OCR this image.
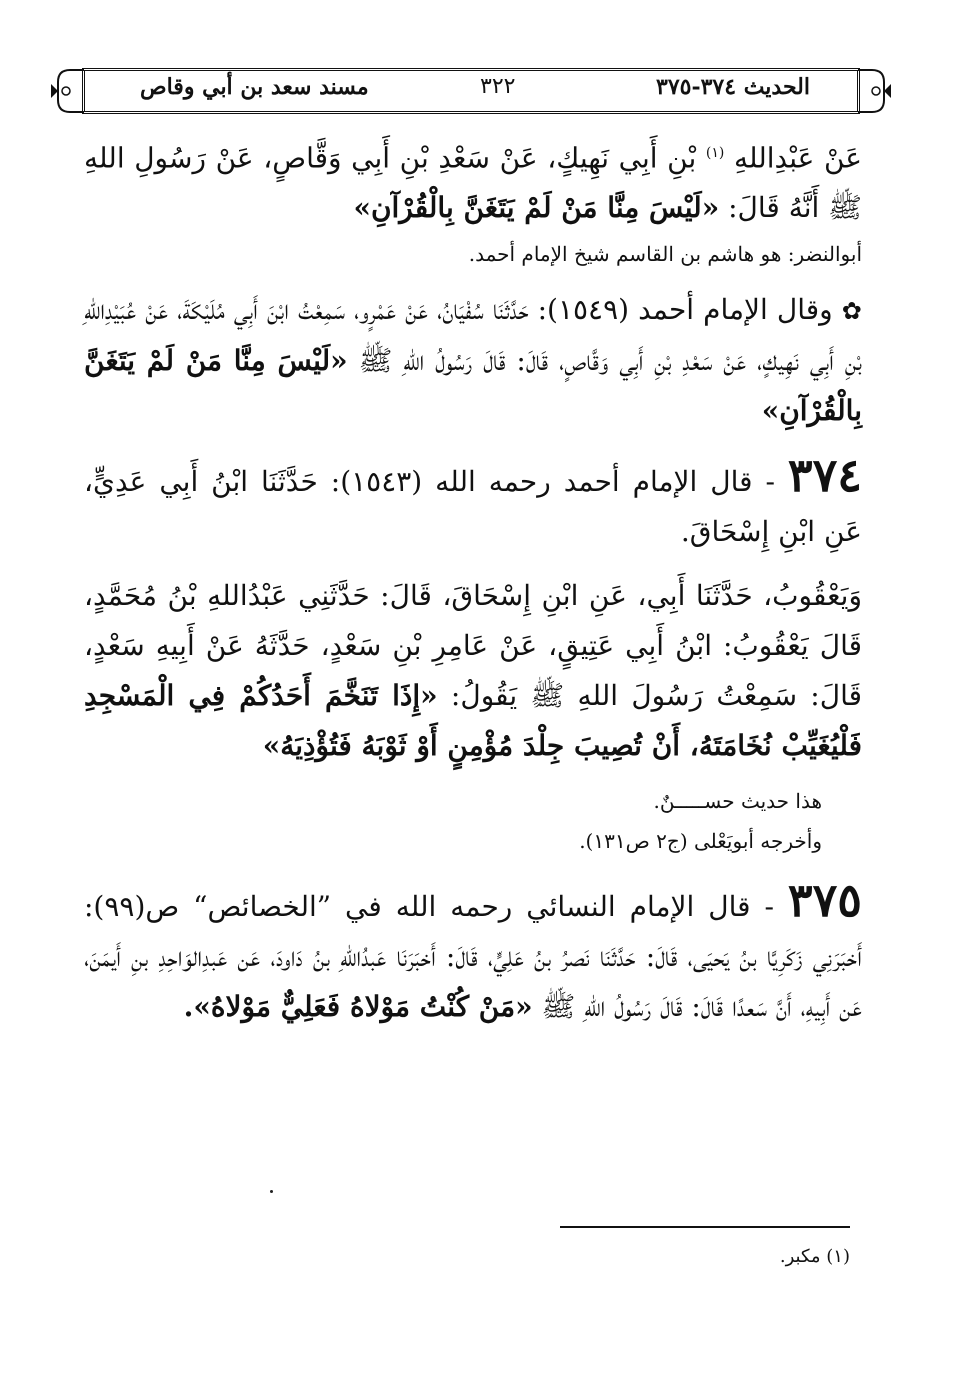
الحديث ٣٧٤-٣٧٥
٣٢٢
مسند سعد بن أبي وقاص

عَنْ عَبْدِاللهِ $^{(١)}$ بْنِ أَبِي نَهِيكٍ، عَنْ سَعْدِ بْنِ أَبِي وَقَّاصٍ، عَنْ رَسُولِ اللهِ ﷺ أَنَّهُ قَالَ: «لَيْسَ مِنَّا مَنْ لَمْ يَتَغَنَّ بِالْقُرْآنِ»

أبوالنضر: هو هاشم بن القاسم شيخ الإمام أحمد.

✿ وقال الإمام أحمد (١٥٤٩): حَدَّثَنَا سُفْيَانُ، عَنْ عَمْرٍو، سَمِعْتُ ابْنَ أَبِي مُلَيْكَةَ، عَنْ عُبَيْدِاللهِ بْنِ أَبِي نَهِيكٍ، عَنْ سَعْدِ بْنِ أَبِي وَقَّاصٍ، قَالَ: قَالَ رَسُولُ اللهِ ﷺ «لَيْسَ مِنَّا مَنْ لَمْ يَتَغَنَّ بِالْقُرْآنِ»

٣٧٤ - قال الإمام أحمد رحمه الله (١٥٤٣): حَدَّثَنَا ابْنُ أَبِي عَدِيٍّ، عَنِ ابْنِ إِسْحَاقَ.

وَيَعْقُوبُ، حَدَّثَنَا أَبِي، عَنِ ابْنِ إِسْحَاقَ، قَالَ: حَدَّثَنِي عَبْدُاللهِ بْنُ مُحَمَّدٍ، قَالَ يَعْقُوبُ: ابْنُ أَبِي عَتِيقٍ، عَنْ عَامِرِ بْنِ سَعْدٍ، حَدَّثَهُ عَنْ أَبِيهِ سَعْدٍ، قَالَ: سَمِعْتُ رَسُولَ اللهِ ﷺ يَقُولُ: «إِذَا تَنَخَّمَ أَحَدُكُمْ فِي الْمَسْجِدِ فَلْيُغَيِّبْ نُخَامَتَهُ، أَنْ تُصِيبَ جِلْدَ مُؤْمِنٍ أَوْ ثَوْبَهُ فَتُؤْذِيَهُ»

هذا حديث حســـــنٌ.

وأخرجه أبويَعْلى (ج٢ ص١٣١).

٣٧٥ - قال الإمام النسائي رحمه الله في ”الخصائص“ ص(٩٩): أَخبَرَنِي زَكَرِيَّا بنُ يَحيَى، قَالَ: حَدَّثَنَا نَصرُ بنُ عَلِيٍّ، قَالَ: أَخبَرَنَا عَبدُاللهِ بنُ دَاودَ، عَن عَبدِالوَاحِدِ بنِ أَيمَنَ، عَن أَبِيهِ، أَنَّ سَعدًا قَالَ: قَالَ رَسُولُ اللهِ ﷺ «مَنْ كُنْتُ مَوْلاهُ فَعَلِيٌّ مَوْلاهُ».

(١) مكبر.
